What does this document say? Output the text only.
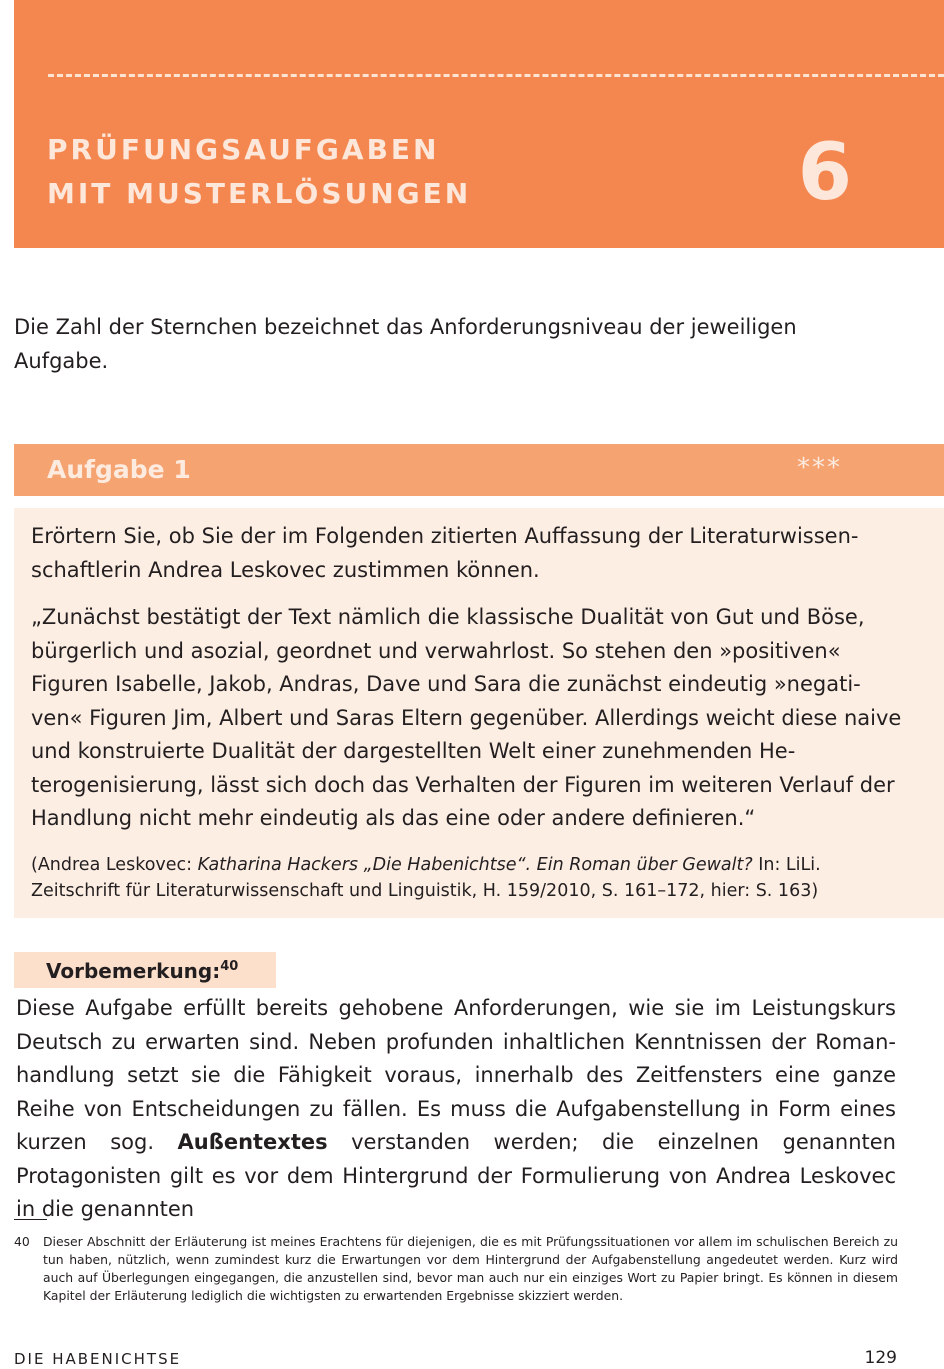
PRÜFUNGSAUFGABEN
MIT MUSTERLÖSUNGEN	6

Die Zahl der Sternchen bezeichnet das Anforderungsniveau der jeweiligen Aufgabe.

Aufgabe 1	***

Erörtern Sie, ob Sie der im Folgenden zitierten Auffassung der Literaturwissen-schaftlerin Andrea Leskovec zustimmen können.

„Zunächst bestätigt der Text nämlich die klassische Dualität von Gut und Böse, bürgerlich und asozial, geordnet und verwahrlost. So stehen den »positiven« Figuren Isabelle, Jakob, Andras, Dave und Sara die zunächst eindeutig »negati-ven« Figuren Jim, Albert und Saras Eltern gegenüber. Allerdings weicht diese naive und konstruierte Dualität der dargestellten Welt einer zunehmenden He-terogenisierung, lässt sich doch das Verhalten der Figuren im weiteren Verlauf der Handlung nicht mehr eindeutig als das eine oder andere definieren.“

(Andrea Leskovec: Katharina Hackers „Die Habenichtse“. Ein Roman über Gewalt? In: LiLi. Zeitschrift für Literaturwissenschaft und Linguistik, H. 159/2010, S. 161–172, hier: S. 163)

Vorbemerkung:$^{40}$

Diese Aufgabe erfüllt bereits gehobene Anforderungen, wie sie im Leistungskurs Deutsch zu erwarten sind. Neben profunden inhaltlichen Kenntnissen der Roman-handlung setzt sie die Fähigkeit voraus, innerhalb des Zeitfensters eine ganze Reihe von Entscheidungen zu fällen. Es muss die Aufgabenstellung in Form eines kurzen sog. Außentextes verstanden werden; die einzelnen genannten Protagonisten gilt es vor dem Hintergrund der Formulierung von Andrea Leskovec in die genannten

40 Dieser Abschnitt der Erläuterung ist meines Erachtens für diejenigen, die es mit Prüfungssituationen vor allem im schulischen Bereich zu tun haben, nützlich, wenn zumindest kurz die Erwartungen vor dem Hintergrund der Aufgabenstellung angedeutet werden. Kurz wird auch auf Überlegungen eingegangen, die anzustellen sind, bevor man auch nur ein einziges Wort zu Papier bringt. Es können in diesem Kapitel der Erläuterung lediglich die wichtigsten zu erwartenden Ergebnisse skizziert werden.
DIE HABENICHTSE	129
